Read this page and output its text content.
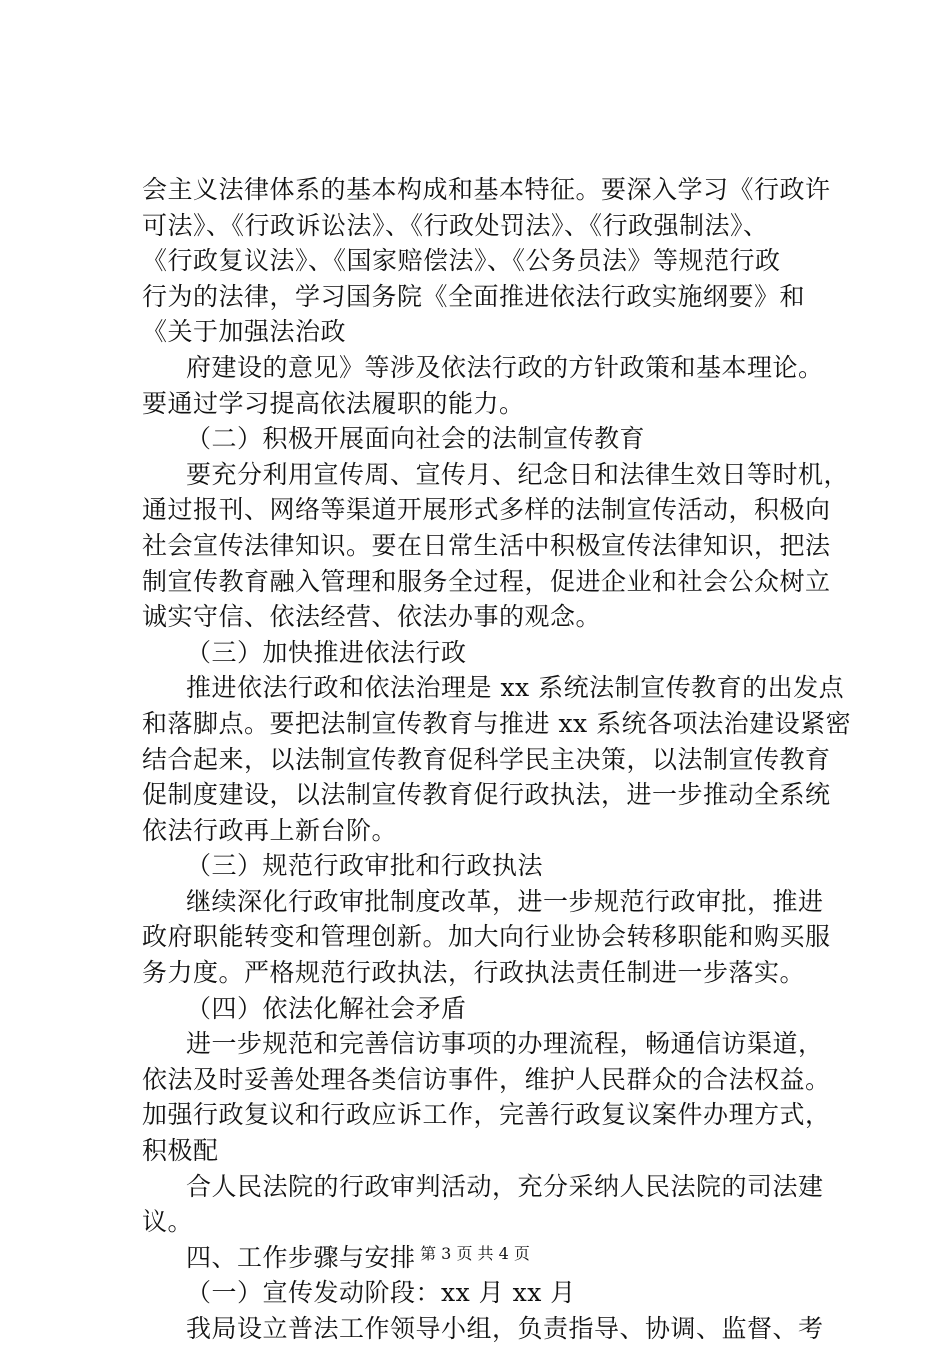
会主义法律体系的基本构成和基本特征。要深入学习《行政许
可法》、《行政诉讼法》、《行政处罚法》、《行政强制法》、
《行政复议法》、《国家赔偿法》、《公务员法》等规范行政
行为的法律，学习国务院《全面推进依法行政实施纲要》和
《关于加强法治政
府建设的意见》等涉及依法行政的方针政策和基本理论。
要通过学习提高依法履职的能力。
（二）积极开展面向社会的法制宣传教育
要充分利用宣传周、宣传月、纪念日和法律生效日等时机，
通过报刊、网络等渠道开展形式多样的法制宣传活动，积极向
社会宣传法律知识。要在日常生活中积极宣传法律知识，把法
制宣传教育融入管理和服务全过程，促进企业和社会公众树立
诚实守信、依法经营、依法办事的观念。
（三）加快推进依法行政
推进依法行政和依法治理是 xx 系统法制宣传教育的出发点
和落脚点。要把法制宣传教育与推进 xx 系统各项法治建设紧密
结合起来，以法制宣传教育促科学民主决策，以法制宣传教育
促制度建设，以法制宣传教育促行政执法，进一步推动全系统
依法行政再上新台阶。
（三）规范行政审批和行政执法
继续深化行政审批制度改革，进一步规范行政审批，推进
政府职能转变和管理创新。加大向行业协会转移职能和购买服
务力度。严格规范行政执法，行政执法责任制进一步落实。
（四）依法化解社会矛盾
进一步规范和完善信访事项的办理流程，畅通信访渠道，
依法及时妥善处理各类信访事件，维护人民群众的合法权益。
加强行政复议和行政应诉工作，完善行政复议案件办理方式，
积极配
合人民法院的行政审判活动，充分采纳人民法院的司法建
议。
四、工作步骤与安排
（一）宣传发动阶段：xx 月 xx 月
我局设立普法工作领导小组，负责指导、协调、监督、考
第 3 页 共 4 页
